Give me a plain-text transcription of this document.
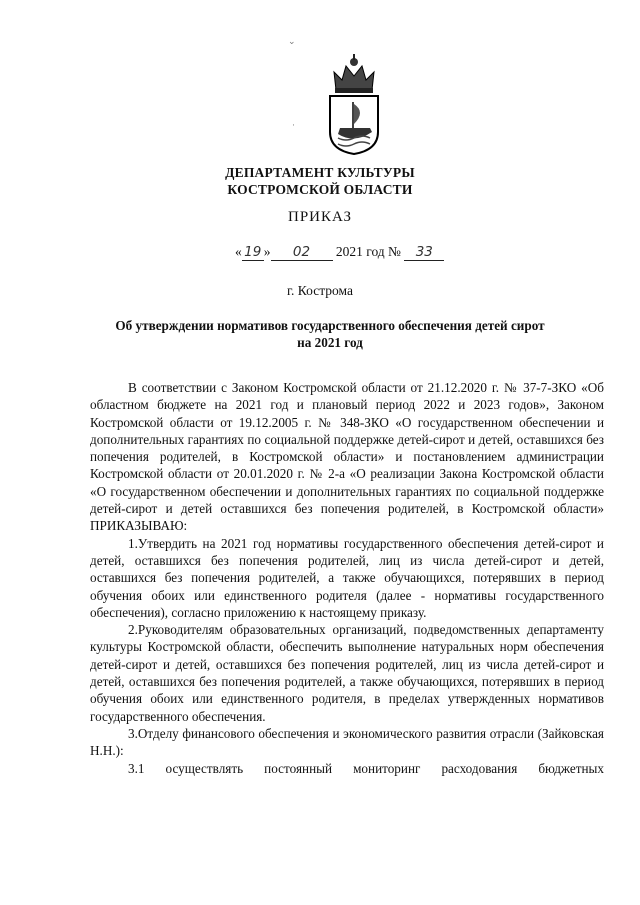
⌄
·
ДЕПАРТАМЕНТ КУЛЬТУРЫ
КОСТРОМСКОЙ ОБЛАСТИ
ПРИКАЗ
« 19 » 02 2021 год № 33
г. Кострома
Об утверждении нормативов государственного обеспечения детей сирот
на 2021 год

В соответствии с Законом Костромской области от 21.12.2020 г. № 37-7-ЗКО «Об областном бюджете на 2021 год и плановый период 2022 и 2023 годов», Законом Костромской области от 19.12.2005 г. № 348-ЗКО «О государственном обеспечении и дополнительных гарантиях по социальной поддержке детей-сирот и детей, оставшихся без попечения родителей, в Костромской области» и постановлением администрации Костромской области от 20.01.2020 г. № 2-а «О реализации Закона Костромской области «О государственном обеспечении и дополнительных гарантиях по социальной поддержке детей-сирот и детей оставшихся без попечения родителей, в Костромской области» ПРИКАЗЫВАЮ:

1.Утвердить на 2021 год нормативы государственного обеспечения детей-сирот и детей, оставшихся без попечения родителей, лиц из числа детей-сирот и детей, оставшихся без попечения родителей, а также обучающихся, потерявших в период обучения обоих или единственного родителя (далее - нормативы государственного обеспечения), согласно приложению к настоящему приказу.

2.Руководителям образовательных организаций, подведомственных департаменту культуры Костромской области, обеспечить выполнение натуральных норм обеспечения детей-сирот и детей, оставшихся без попечения родителей, лиц из числа детей-сирот и детей, оставшихся без попечения родителей, а также обучающихся, потерявших в период обучения обоих или единственного родителя, в пределах утвержденных нормативов государственного обеспечения.

3.Отделу финансового обеспечения и экономического развития отрасли (Зайковская Н.Н.):

3.1 осуществлять постоянный мониторинг расходования бюджетных
